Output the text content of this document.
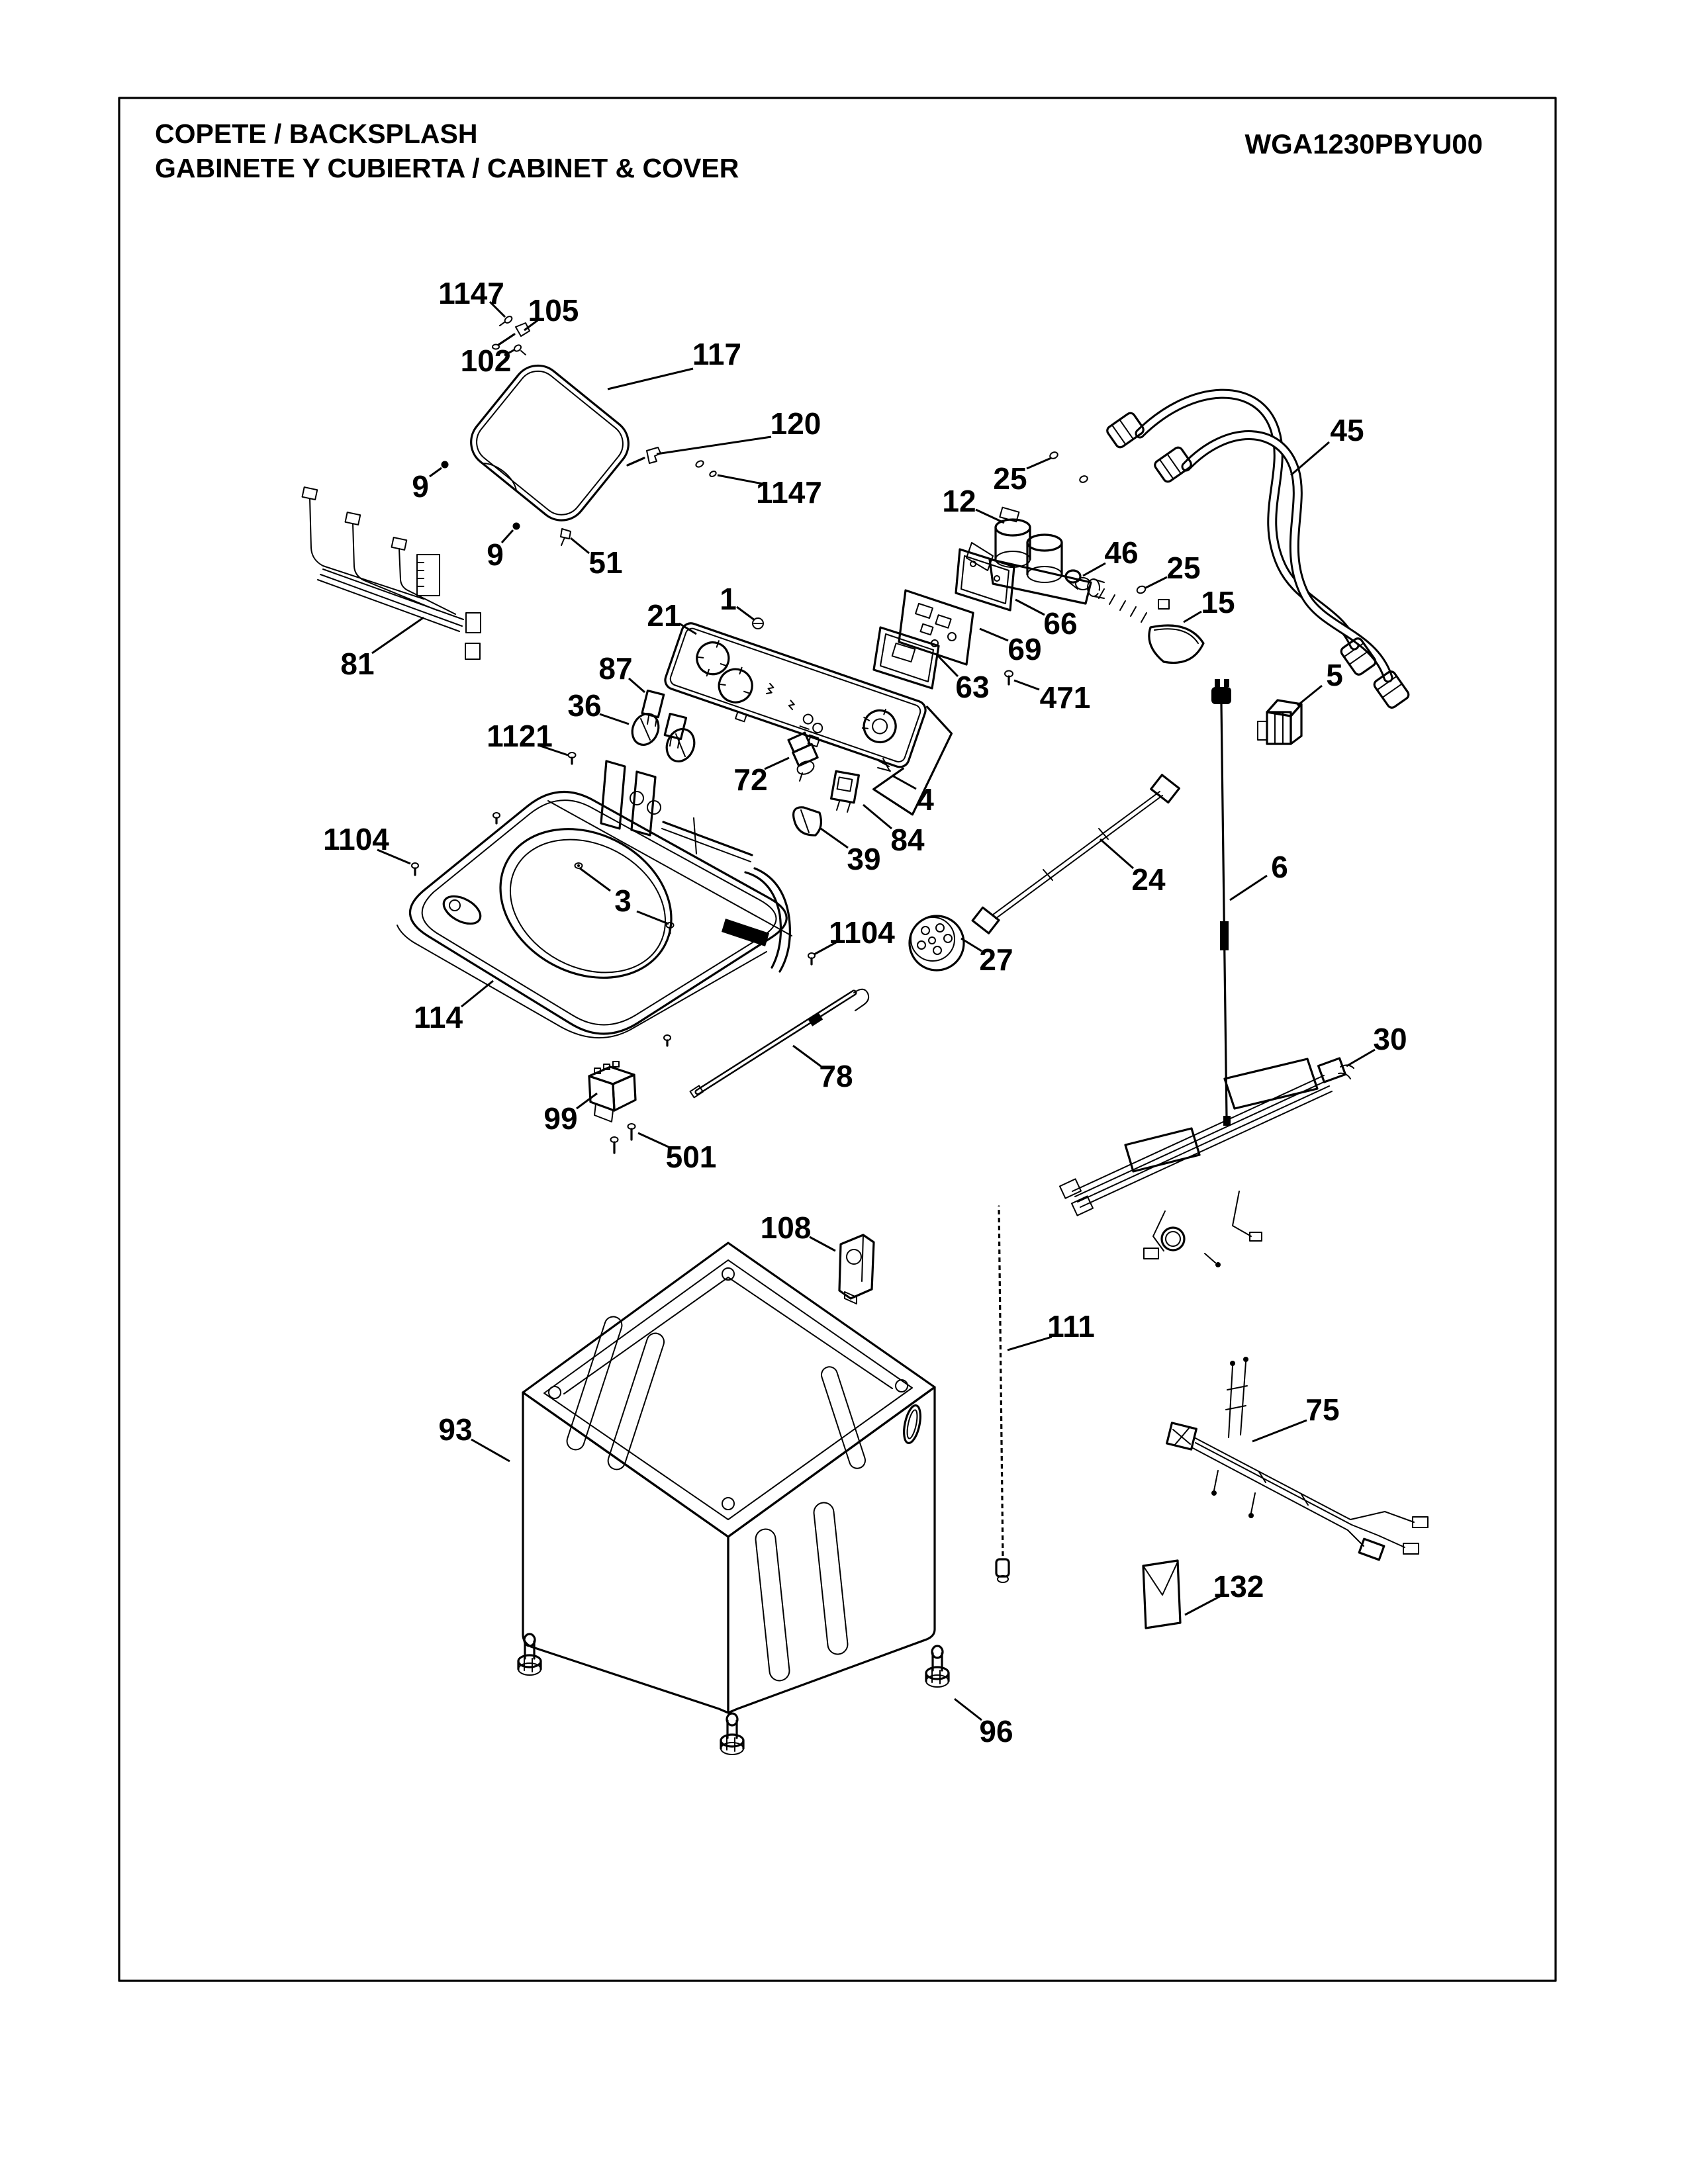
COPETE / BACKSPLASH
GABINETE Y CUBIERTA / CABINET & COVER
WGA1230PBYU00
1147 105
102	117
120
9	1147
9	51
45
25
12
46 25
15
66
69
63 471
5
21 1
87
36
1121
72
4
84
39
24	6
1104
3
1104
27
114
78
99
501
108
30
93
111
75
132
96
81
